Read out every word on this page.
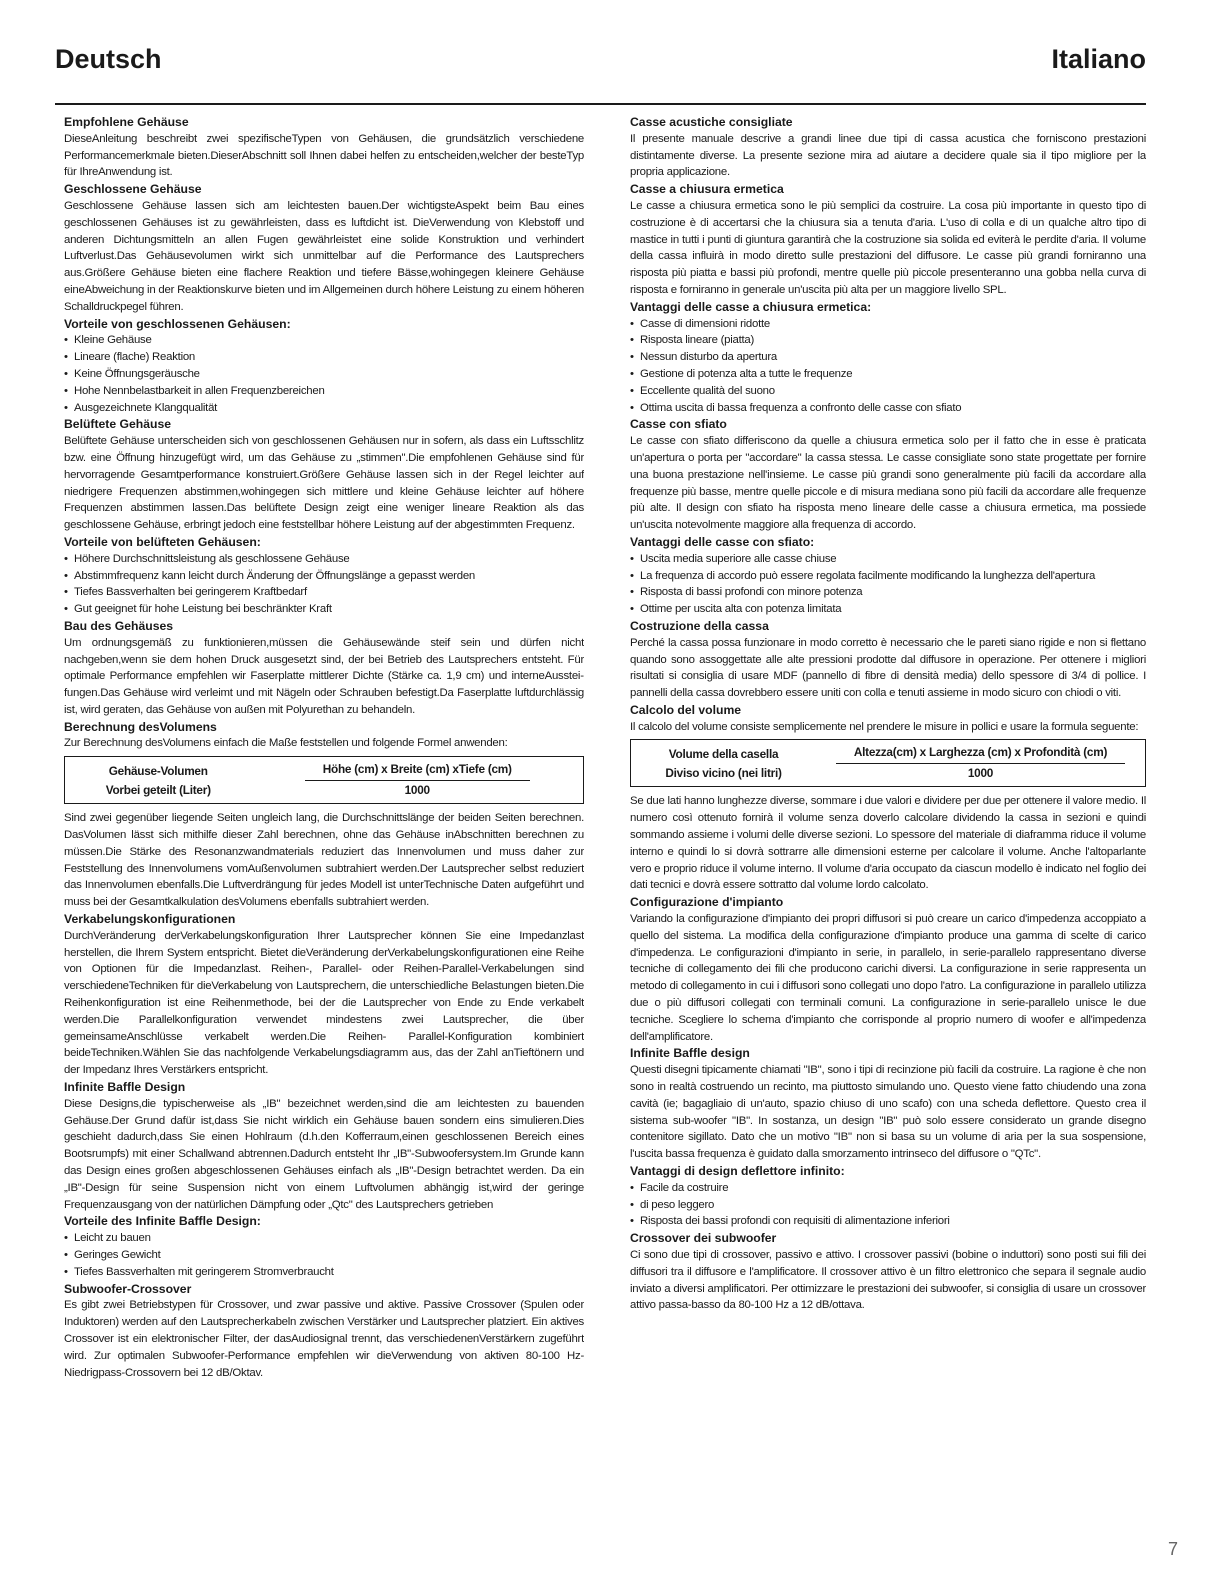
Deutsch	Italiano
Empfohlene Gehäuse

DieseAnleitung beschreibt zwei spezifischeTypen von Gehäusen, die grundsätzlich verschiedene Performancemerkmale bieten.DieserAbschnitt soll Ihnen dabei helfen zu entscheiden,welcher der besteTyp für IhreAnwendung ist.

Geschlossene Gehäuse

Geschlossene Gehäuse lassen sich am leichtesten bauen.Der wichtigsteAspekt beim Bau eines geschlossenen Gehäuses ist zu gewährleisten, dass es luftdicht ist. DieVerwendung von Klebstoff und anderen Dichtungsmitteln an allen Fugen gewährleistet eine solide Konstruktion und verhindert Luftverlust.Das Gehäusevolumen wirkt sich unmittelbar auf die Performance des Lautsprechers aus.Größere Gehäuse bieten eine flachere Reaktion und tiefere Bässe,wohingegen kleinere Gehäuse eineAbweichung in der Reaktionskurve bieten und im Allgemeinen durch höhere Leistung zu einem höheren Schalldruckpegel führen.

Vorteile von geschlossenen Gehäusen:
• Kleine Gehäuse
• Lineare (flache) Reaktion
• Keine Öffnungsgeräusche
• Hohe Nennbelastbarkeit in allen Frequenzbereichen
• Ausgezeichnete Klangqualität
Belüftete Gehäuse

Belüftete Gehäuse unterscheiden sich von geschlossenen Gehäusen nur in sofern, als dass ein Luftsschlitz bzw. eine Öffnung hinzugefügt wird, um das Gehäuse zu „stimmen".Die empfohlenen Gehäuse sind für hervorragende Gesamtperformance konstruiert.Größere Gehäuse lassen sich in der Regel leichter auf niedrigere Frequenzen abstimmen,wohingegen sich mittlere und kleine Gehäuse leichter auf höhere Frequenzen abstimmen lassen.Das belüftete Design zeigt eine weniger lineare Reaktion als das geschlossene Gehäuse, erbringt jedoch eine feststellbar höhere Leistung auf der abgestimmten Frequenz.

Vorteile von belüfteten Gehäusen:
• Höhere Durchschnittsleistung als geschlossene Gehäuse
• Abstimmfrequenz kann leicht durch Änderung der Öffnungslänge a gepasst werden
• Tiefes Bassverhalten bei geringerem Kraftbedarf
• Gut geeignet für hohe Leistung bei beschränkter Kraft
Bau des Gehäuses

Um ordnungsgemäß zu funktionieren,müssen die Gehäusewände steif sein und dürfen nicht nachgeben,wenn sie dem hohen Druck ausgesetzt sind, der bei Betrieb des Lautsprechers entsteht. Für optimale Performance empfehlen wir Faserplatte mittlerer Dichte (Stärke ca. 1,9 cm) und interneAussteifungen.Das Gehäuse wird verleimt und mit Nägeln oder Schrauben befestigt.Da Faserplatte luftdurchlässig ist, wird geraten, das Gehäuse von außen mit Polyurethan zu behandeln.

Berechnung desVolumens

Zur Berechnung desVolumens einfach die Maße feststellen und folgende Formel anwenden:

Gehäuse-Volumen	Höhe (cm) x Breite (cm) xTiefe (cm)
Vorbei geteilt (Liter)	1000

Sind zwei gegenüber liegende Seiten ungleich lang, die Durchschnittslänge der beiden Seiten berechnen. DasVolumen lässt sich mithilfe dieser Zahl berechnen, ohne das Gehäuse inAbschnitten berechnen zu müssen.Die Stärke des Resonanzwandmaterials reduziert das Innenvolumen und muss daher zur Feststellung des Innenvolumens vomAußenvolumen subtrahiert werden.Der Lautsprecher selbst reduziert das Innenvolumen ebenfalls.Die Luftverdrängung für jedes Modell ist unterTechnische Daten aufgeführt und muss bei der Gesamtkalkulation desVolumens ebenfalls subtrahiert werden.

Verkabelungskonfigurationen

DurchVeränderung derVerkabelungskonfiguration Ihrer Lautsprecher können Sie eine Impedanzlast herstellen, die Ihrem System entspricht. Bietet dieVeränderung derVerkabelungskonfigurationen eine Reihe von Optionen für die Impedanzlast. Reihen-, Parallel- oder Reihen-Parallel-Verkabelungen sind verschiedeneTechniken für dieVerkabelung von Lautsprechern, die unterschiedliche Belastungen bieten.Die Reihenkonfiguration ist eine Reihenmethode, bei der die Lautsprecher von Ende zu Ende verkabelt werden.Die Parallelkonfiguration verwendet mindestens zwei Lautsprecher, die über gemeinsameAnschlüsse verkabelt werden.Die Reihen- Parallel-Konfiguration kombiniert beideTechniken.Wählen Sie das nachfolgende Verkabelungsdiagramm aus, das der Zahl anTieftönern und der Impedanz Ihres Verstärkers entspricht.

Infinite Baffle Design

Diese Designs,die typischerweise als „IB" bezeichnet werden,sind die am leichtesten zu bauenden Gehäuse.Der Grund dafür ist,dass Sie nicht wirklich ein Gehäuse bauen sondern eins simulieren.Dies geschieht dadurch,dass Sie einen Hohlraum (d.h.den Kofferraum,einen geschlossenen Bereich eines Bootsrumpfs) mit einer Schallwand abtrennen.Dadurch entsteht Ihr „IB"-Subwoofersystem.Im Grunde kann das Design eines großen abgeschlossenen Gehäuses einfach als „IB"-Design betrachtet werden. Da ein „IB"-Design für seine Suspension nicht von einem Luftvolumen abhängig ist,wird der geringe Frequenzausgang von der natürlichen Dämpfung oder „Qtc" des Lautsprechers getrieben

Vorteile des Infinite Baffle Design:
• Leicht zu bauen
• Geringes Gewicht
• Tiefes Bassverhalten mit geringerem Stromverbraucht
Subwoofer-Crossover

Es gibt zwei Betriebstypen für Crossover, und zwar passive und aktive. Passive Crossover (Spulen oder Induktoren) werden auf den Lautsprecherkabeln zwischen Verstärker und Lautsprecher platziert. Ein aktives Crossover ist ein elektronischer Filter, der dasAudiosignal trennt, das verschiedenenVerstärkern zugeführt wird. Zur optimalen Subwoofer-Performance empfehlen wir dieVerwendung von aktiven 80-100 Hz-Niedrigpass-Crossovern bei 12 dB/Oktav.

Casse acustiche consigliate

Il presente manuale descrive a grandi linee due tipi di cassa acustica che forniscono prestazioni distintamente diverse. La presente sezione mira ad aiutare a decidere quale sia il tipo migliore per la propria applicazione.

Casse a chiusura ermetica

Le casse a chiusura ermetica sono le più semplici da costruire. La cosa più importante in questo tipo di costruzione è di accertarsi che la chiusura sia a tenuta d'aria. L'uso di colla e di un qualche altro tipo di mastice in tutti i punti di giuntura garantirà che la costruzione sia solida ed eviterà le perdite d'aria. Il volume della cassa influirà in modo diretto sulle prestazioni del diffusore. Le casse più grandi forniranno una risposta più piatta e bassi più profondi, mentre quelle più piccole presenteranno una gobba nella curva di risposta e forniranno in generale un'uscita più alta per un maggiore livello SPL.

Vantaggi delle casse a chiusura ermetica:
• Casse di dimensioni ridotte
• Risposta lineare (piatta)
• Nessun disturbo da apertura
• Gestione di potenza alta a tutte le frequenze
• Eccellente qualità del suono
• Ottima uscita di bassa frequenza a confronto delle casse con sfiato
Casse con sfiato

Le casse con sfiato differiscono da quelle a chiusura ermetica solo per il fatto che in esse è praticata un'apertura o porta per "accordare" la cassa stessa. Le casse consigliate sono state progettate per fornire una buona prestazione nell'insieme. Le casse più grandi sono generalmente più facili da accordare alla frequenze più basse, mentre quelle piccole e di misura mediana sono più facili da accordare alle frequenze più alte. Il design con sfiato ha risposta meno lineare delle casse a chiusura ermetica, ma possiede un'uscita notevolmente maggiore alla frequenza di accordo.

Vantaggi delle casse con sfiato:
• Uscita media superiore alle casse chiuse
• La frequenza di accordo può essere regolata facilmente modificando la lunghezza dell'apertura
• Risposta di bassi profondi con minore potenza
• Ottime per uscita alta con potenza limitata
Costruzione della cassa

Perché la cassa possa funzionare in modo corretto è necessario che le pareti siano rigide e non si flettano quando sono assoggettate alle alte pressioni prodotte dal diffusore in operazione. Per ottenere i migliori risultati si consiglia di usare MDF (pannello di fibre di densità media) dello spessore di 3/4 di pollice. I pannelli della cassa dovrebbero essere uniti con colla e tenuti assieme in modo sicuro con chiodi o viti.

Calcolo del volume

Il calcolo del volume consiste semplicemente nel prendere le misure in pollici e usare la formula seguente:

Volume della casella	Altezza(cm) x Larghezza (cm) x Profondità (cm)
Diviso vicino (nei litri)	1000

Se due lati hanno lunghezze diverse, sommare i due valori e dividere per due per ottenere il valore medio. Il numero così ottenuto fornirà il volume senza doverlo calcolare dividendo la cassa in sezioni e quindi sommando assieme i volumi delle diverse sezioni. Lo spessore del materiale di diaframma riduce il volume interno e quindi lo si dovrà sottrarre alle dimensioni esterne per calcolare il volume. Anche l'altoparlante vero e proprio riduce il volume interno. Il volume d'aria occupato da ciascun modello è indicato nel foglio dei dati tecnici e dovrà essere sottratto dal volume lordo calcolato.

Configurazione d'impianto

Variando la configurazione d'impianto dei propri diffusori si può creare un carico d'impedenza accoppiato a quello del sistema. La modifica della configurazione d'impianto produce una gamma di scelte di carico d'impedenza. Le configurazioni d'impianto in serie, in parallelo, in serie-parallelo rappresentano diverse tecniche di collegamento dei fili che producono carichi diversi. La configurazione in serie rappresenta un metodo di collegamento in cui i diffusori sono collegati uno dopo l'atro. La configurazione in parallelo utilizza due o più diffusori collegati con terminali comuni. La configurazione in serie-parallelo unisce le due tecniche. Scegliere lo schema d'impianto che corrisponde al proprio numero di woofer e all'impedenza dell'amplificatore.

Infinite Baffle design

Questi disegni tipicamente chiamati "IB", sono i tipi di recinzione più facili da costruire. La ragione è che non sono in realtà costruendo un recinto, ma piuttosto simulando uno. Questo viene fatto chiudendo una zona cavità (ie; bagagliaio di un'auto, spazio chiuso di uno scafo) con una scheda deflettore. Questo crea il sistema sub-woofer "IB". In sostanza, un design "IB" può solo essere considerato un grande disegno contenitore sigillato. Dato che un motivo "IB" non si basa su un volume di aria per la sua sospensione, l'uscita bassa frequenza è guidato dalla smorzamento intrinseco del diffusore o "QTc".

Vantaggi di design deflettore infinito:
• Facile da costruire
• di peso leggero
• Risposta dei bassi profondi con requisiti di alimentazione inferiori
Crossover dei subwoofer

Ci sono due tipi di crossover, passivo e attivo. I crossover passivi (bobine o induttori) sono posti sui fili dei diffusori tra il diffusore e l'amplificatore. Il crossover attivo è un filtro elettronico che separa il segnale audio inviato a diversi amplificatori. Per ottimizzare le prestazioni dei subwoofer, si consiglia di usare un crossover attivo passa-basso da 80-100 Hz a 12 dB/ottava.

7
